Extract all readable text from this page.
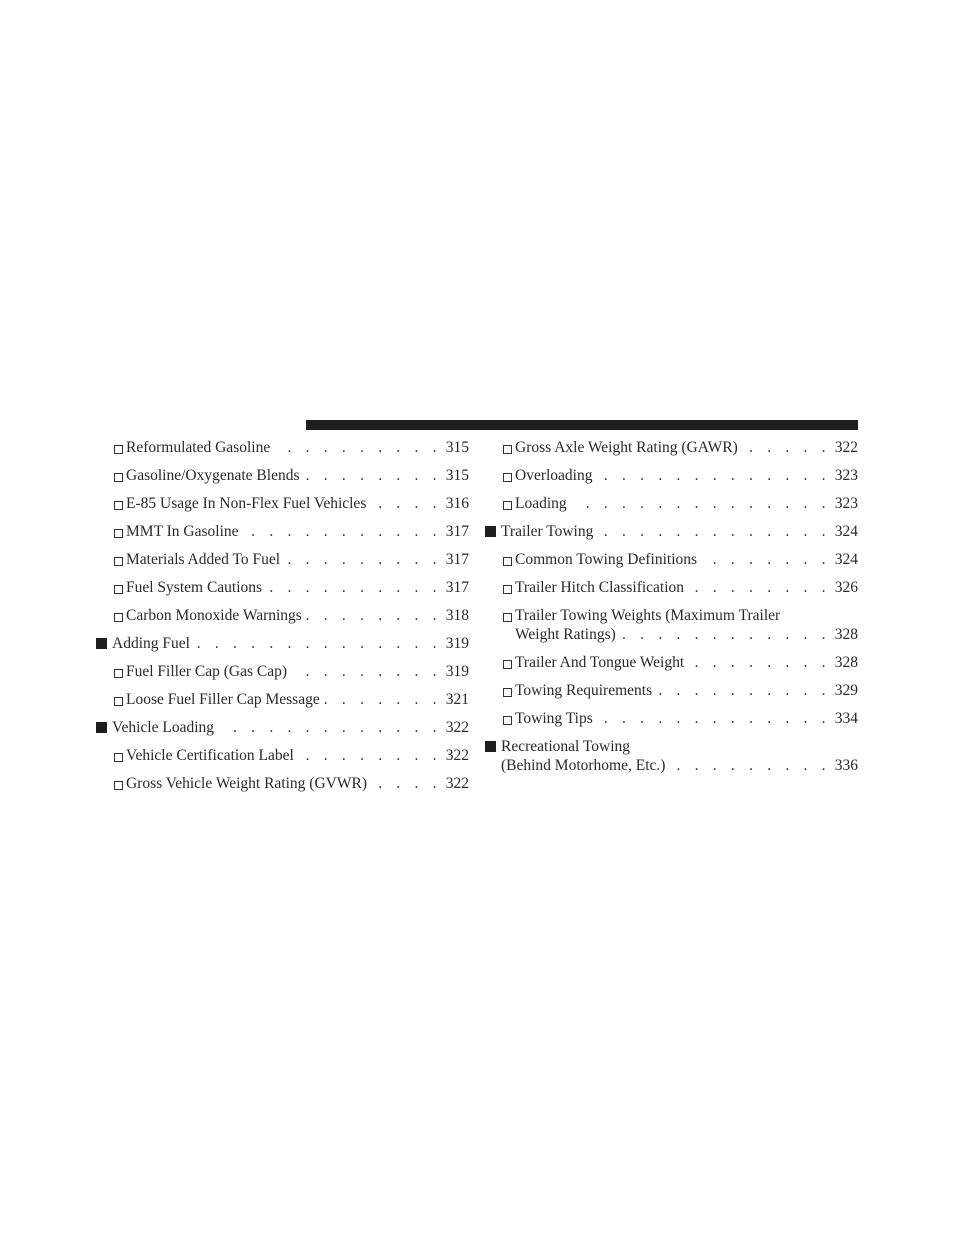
Reformulated Gasoline . . .	315
Gasoline/Oxygenate Blends . . .	315
E-85 Usage In Non-Flex Fuel Vehicles . . .	316
MMT In Gasoline . . .	317
Materials Added To Fuel . . .	317
Fuel System Cautions . . .	317
Carbon Monoxide Warnings . . .	318
Adding Fuel . . .	319
Fuel Filler Cap (Gas Cap) . . .	319
Loose Fuel Filler Cap Message . . .	321
Vehicle Loading . . .	322
Vehicle Certification Label . . .	322
Gross Vehicle Weight Rating (GVWR) . . .	322
Gross Axle Weight Rating (GAWR) . . .	322
Overloading . . .	323
Loading . . .	323
Trailer Towing . . .	324
Common Towing Definitions . . .	324
Trailer Hitch Classification . . .	326
Trailer Towing Weights (Maximum Trailer
Weight Ratings) . . .	328
Trailer And Tongue Weight . . .	328
Towing Requirements . . .	329
Towing Tips . . .	334
Recreational Towing
(Behind Motorhome, Etc.) . . .	336
